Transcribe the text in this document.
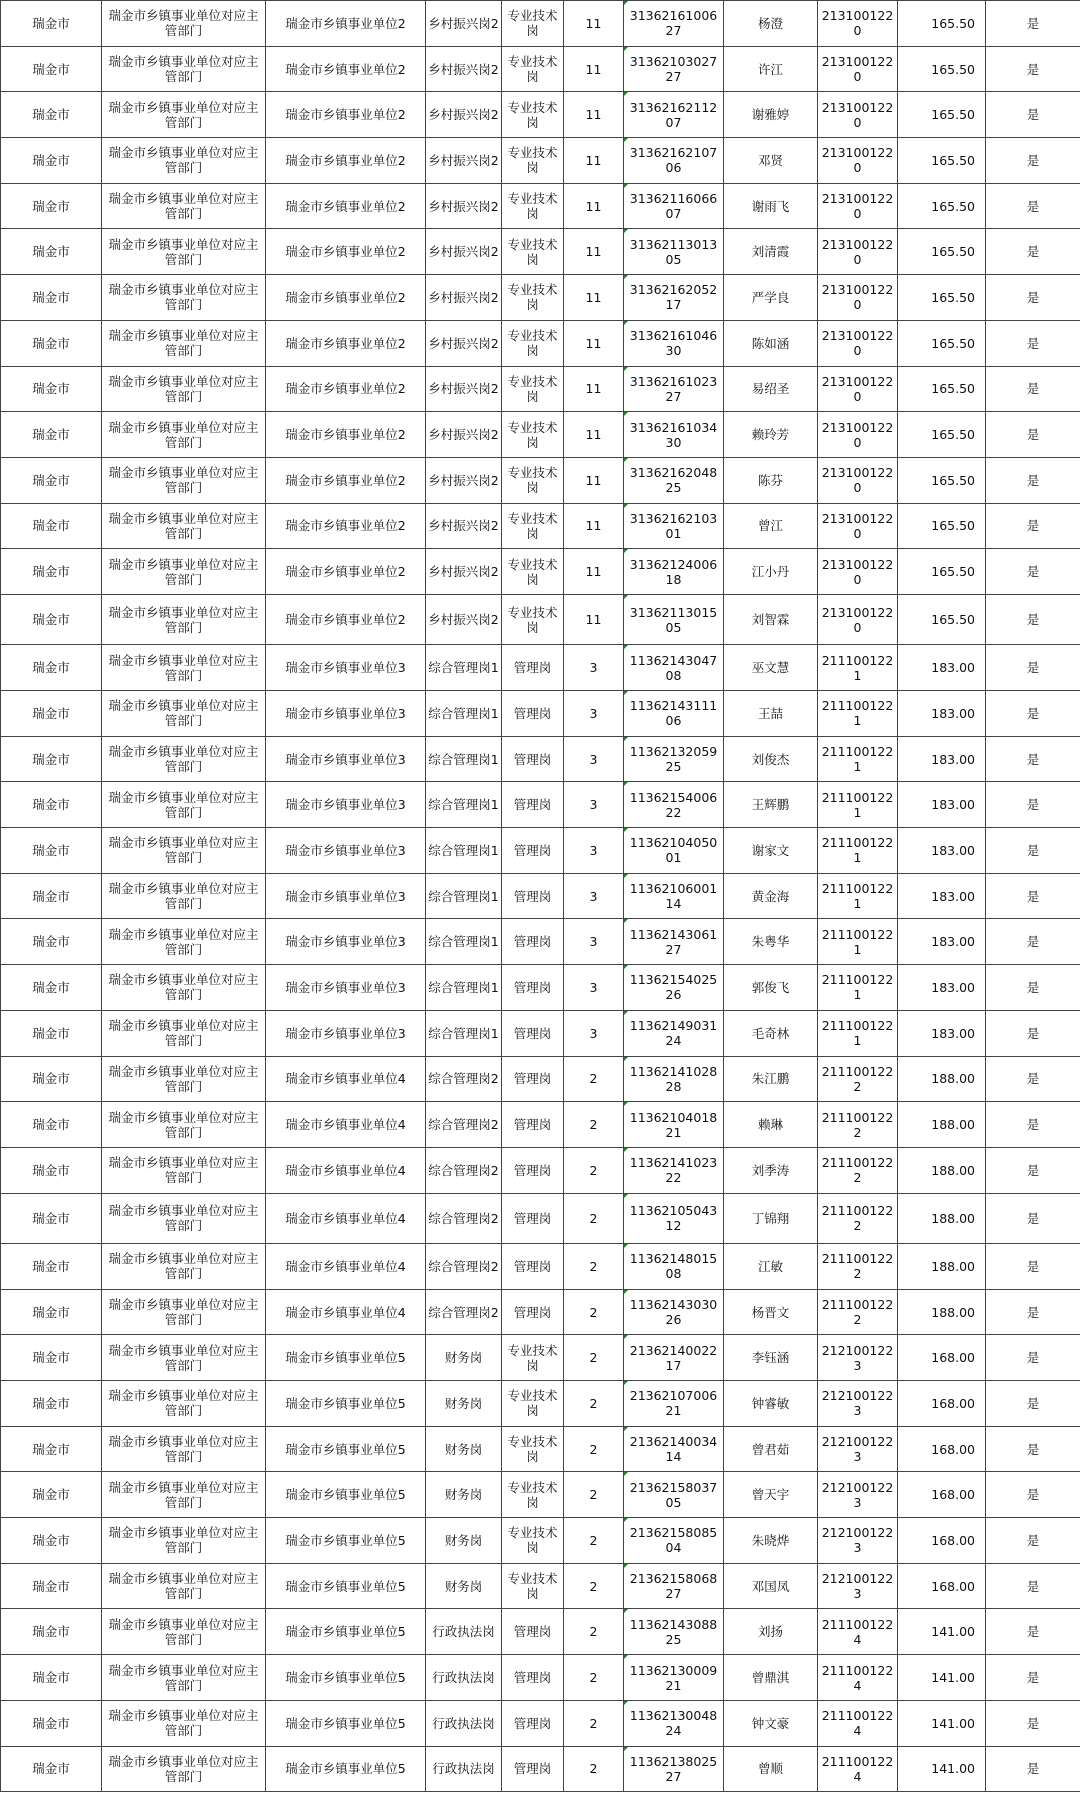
瑞金市	瑞金市乡镇事业单位对应主管部门	瑞金市乡镇事业单位2	乡村振兴岗2	专业技术岗	11	3136216100627	杨澄	2131001220	165.50	是
瑞金市	瑞金市乡镇事业单位对应主管部门	瑞金市乡镇事业单位2	乡村振兴岗2	专业技术岗	11	3136210302727	许江	2131001220	165.50	是
瑞金市	瑞金市乡镇事业单位对应主管部门	瑞金市乡镇事业单位2	乡村振兴岗2	专业技术岗	11	3136216211207	谢雅婷	2131001220	165.50	是
瑞金市	瑞金市乡镇事业单位对应主管部门	瑞金市乡镇事业单位2	乡村振兴岗2	专业技术岗	11	3136216210706	邓贤	2131001220	165.50	是
瑞金市	瑞金市乡镇事业单位对应主管部门	瑞金市乡镇事业单位2	乡村振兴岗2	专业技术岗	11	3136211606607	谢雨飞	2131001220	165.50	是
瑞金市	瑞金市乡镇事业单位对应主管部门	瑞金市乡镇事业单位2	乡村振兴岗2	专业技术岗	11	3136211301305	刘清霞	2131001220	165.50	是
瑞金市	瑞金市乡镇事业单位对应主管部门	瑞金市乡镇事业单位2	乡村振兴岗2	专业技术岗	11	3136216205217	严学良	2131001220	165.50	是
瑞金市	瑞金市乡镇事业单位对应主管部门	瑞金市乡镇事业单位2	乡村振兴岗2	专业技术岗	11	3136216104630	陈如涵	2131001220	165.50	是
瑞金市	瑞金市乡镇事业单位对应主管部门	瑞金市乡镇事业单位2	乡村振兴岗2	专业技术岗	11	3136216102327	易绍圣	2131001220	165.50	是
瑞金市	瑞金市乡镇事业单位对应主管部门	瑞金市乡镇事业单位2	乡村振兴岗2	专业技术岗	11	3136216103430	赖玲芳	2131001220	165.50	是
瑞金市	瑞金市乡镇事业单位对应主管部门	瑞金市乡镇事业单位2	乡村振兴岗2	专业技术岗	11	3136216204825	陈芬	2131001220	165.50	是
瑞金市	瑞金市乡镇事业单位对应主管部门	瑞金市乡镇事业单位2	乡村振兴岗2	专业技术岗	11	3136216210301	曾江	2131001220	165.50	是
瑞金市	瑞金市乡镇事业单位对应主管部门	瑞金市乡镇事业单位2	乡村振兴岗2	专业技术岗	11	3136212400618	江小丹	2131001220	165.50	是
瑞金市	瑞金市乡镇事业单位对应主管部门	瑞金市乡镇事业单位2	乡村振兴岗2	专业技术岗	11	3136211301505	刘智霖	2131001220	165.50	是
瑞金市	瑞金市乡镇事业单位对应主管部门	瑞金市乡镇事业单位3	综合管理岗1	管理岗	3	1136214304708	巫文慧	2111001221	183.00	是
瑞金市	瑞金市乡镇事业单位对应主管部门	瑞金市乡镇事业单位3	综合管理岗1	管理岗	3	1136214311106	王喆	2111001221	183.00	是
瑞金市	瑞金市乡镇事业单位对应主管部门	瑞金市乡镇事业单位3	综合管理岗1	管理岗	3	1136213205925	刘俊杰	2111001221	183.00	是
瑞金市	瑞金市乡镇事业单位对应主管部门	瑞金市乡镇事业单位3	综合管理岗1	管理岗	3	1136215400622	王辉鹏	2111001221	183.00	是
瑞金市	瑞金市乡镇事业单位对应主管部门	瑞金市乡镇事业单位3	综合管理岗1	管理岗	3	1136210405001	谢家文	2111001221	183.00	是
瑞金市	瑞金市乡镇事业单位对应主管部门	瑞金市乡镇事业单位3	综合管理岗1	管理岗	3	1136210600114	黄金海	2111001221	183.00	是
瑞金市	瑞金市乡镇事业单位对应主管部门	瑞金市乡镇事业单位3	综合管理岗1	管理岗	3	1136214306127	朱粤华	2111001221	183.00	是
瑞金市	瑞金市乡镇事业单位对应主管部门	瑞金市乡镇事业单位3	综合管理岗1	管理岗	3	1136215402526	郭俊飞	2111001221	183.00	是
瑞金市	瑞金市乡镇事业单位对应主管部门	瑞金市乡镇事业单位3	综合管理岗1	管理岗	3	1136214903124	毛奇林	2111001221	183.00	是
瑞金市	瑞金市乡镇事业单位对应主管部门	瑞金市乡镇事业单位4	综合管理岗2	管理岗	2	1136214102828	朱江鹏	2111001222	188.00	是
瑞金市	瑞金市乡镇事业单位对应主管部门	瑞金市乡镇事业单位4	综合管理岗2	管理岗	2	1136210401821	赖琳	2111001222	188.00	是
瑞金市	瑞金市乡镇事业单位对应主管部门	瑞金市乡镇事业单位4	综合管理岗2	管理岗	2	1136214102322	刘季涛	2111001222	188.00	是
瑞金市	瑞金市乡镇事业单位对应主管部门	瑞金市乡镇事业单位4	综合管理岗2	管理岗	2	1136210504312	丁锦翔	2111001222	188.00	是
瑞金市	瑞金市乡镇事业单位对应主管部门	瑞金市乡镇事业单位4	综合管理岗2	管理岗	2	1136214801508	江敏	2111001222	188.00	是
瑞金市	瑞金市乡镇事业单位对应主管部门	瑞金市乡镇事业单位4	综合管理岗2	管理岗	2	1136214303026	杨晋文	2111001222	188.00	是
瑞金市	瑞金市乡镇事业单位对应主管部门	瑞金市乡镇事业单位5	财务岗	专业技术岗	2	2136214002217	李钰涵	2121001223	168.00	是
瑞金市	瑞金市乡镇事业单位对应主管部门	瑞金市乡镇事业单位5	财务岗	专业技术岗	2	2136210700621	钟睿敏	2121001223	168.00	是
瑞金市	瑞金市乡镇事业单位对应主管部门	瑞金市乡镇事业单位5	财务岗	专业技术岗	2	2136214003414	曾君茹	2121001223	168.00	是
瑞金市	瑞金市乡镇事业单位对应主管部门	瑞金市乡镇事业单位5	财务岗	专业技术岗	2	2136215803705	曾天宇	2121001223	168.00	是
瑞金市	瑞金市乡镇事业单位对应主管部门	瑞金市乡镇事业单位5	财务岗	专业技术岗	2	2136215808504	朱晓烨	2121001223	168.00	是
瑞金市	瑞金市乡镇事业单位对应主管部门	瑞金市乡镇事业单位5	财务岗	专业技术岗	2	2136215806827	邓国凤	2121001223	168.00	是
瑞金市	瑞金市乡镇事业单位对应主管部门	瑞金市乡镇事业单位5	行政执法岗	管理岗	2	1136214308825	刘扬	2111001224	141.00	是
瑞金市	瑞金市乡镇事业单位对应主管部门	瑞金市乡镇事业单位5	行政执法岗	管理岗	2	1136213000921	曾鼎淇	2111001224	141.00	是
瑞金市	瑞金市乡镇事业单位对应主管部门	瑞金市乡镇事业单位5	行政执法岗	管理岗	2	1136213004824	钟文豪	2111001224	141.00	是
瑞金市	瑞金市乡镇事业单位对应主管部门	瑞金市乡镇事业单位5	行政执法岗	管理岗	2	1136213802527	曾顺	2111001224	141.00	是
